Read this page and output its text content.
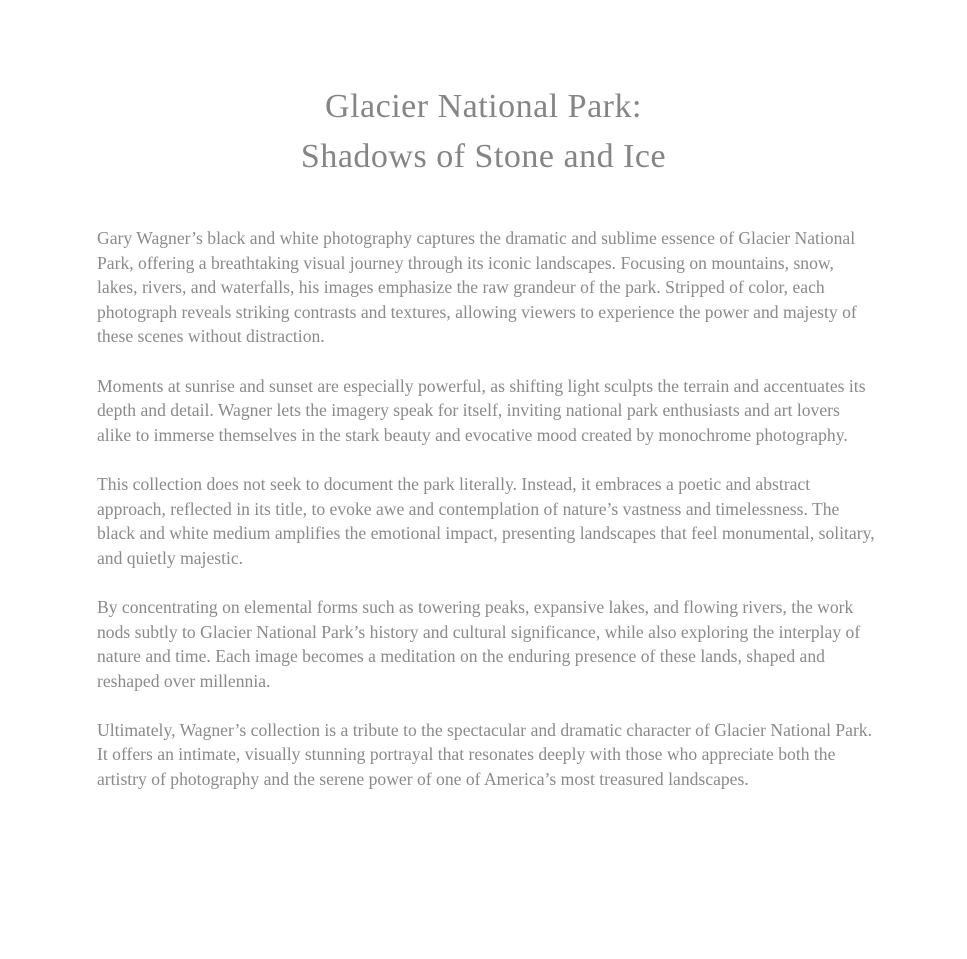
Glacier National Park:
Shadows of Stone and Ice

Gary Wagner’s black and white photography captures the dramatic and sublime essence of Glacier National Park, offering a breathtaking visual journey through its iconic landscapes. Focusing on mountains, snow, lakes, rivers, and waterfalls, his images emphasize the raw grandeur of the park. Stripped of color, each photograph reveals striking contrasts and textures, allowing viewers to experience the power and majesty of these scenes without distraction.

Moments at sunrise and sunset are especially powerful, as shifting light sculpts the terrain and accentuates its depth and detail. Wagner lets the imagery speak for itself, inviting national park enthusiasts and art lovers alike to immerse themselves in the stark beauty and evocative mood created by monochrome photography.

This collection does not seek to document the park literally. Instead, it embraces a poetic and abstract approach, reflected in its title, to evoke awe and contemplation of nature’s vastness and timelessness. The black and white medium amplifies the emotional impact, presenting landscapes that feel monumental, solitary, and quietly majestic.

By concentrating on elemental forms such as towering peaks, expansive lakes, and flowing rivers, the work nods subtly to Glacier National Park’s history and cultural significance, while also exploring the interplay of nature and time. Each image becomes a meditation on the enduring presence of these lands, shaped and reshaped over millennia.

Ultimately, Wagner’s collection is a tribute to the spectacular and dramatic character of Glacier National Park. It offers an intimate, visually stunning portrayal that resonates deeply with those who appreciate both the artistry of photography and the serene power of one of America’s most treasured landscapes.
